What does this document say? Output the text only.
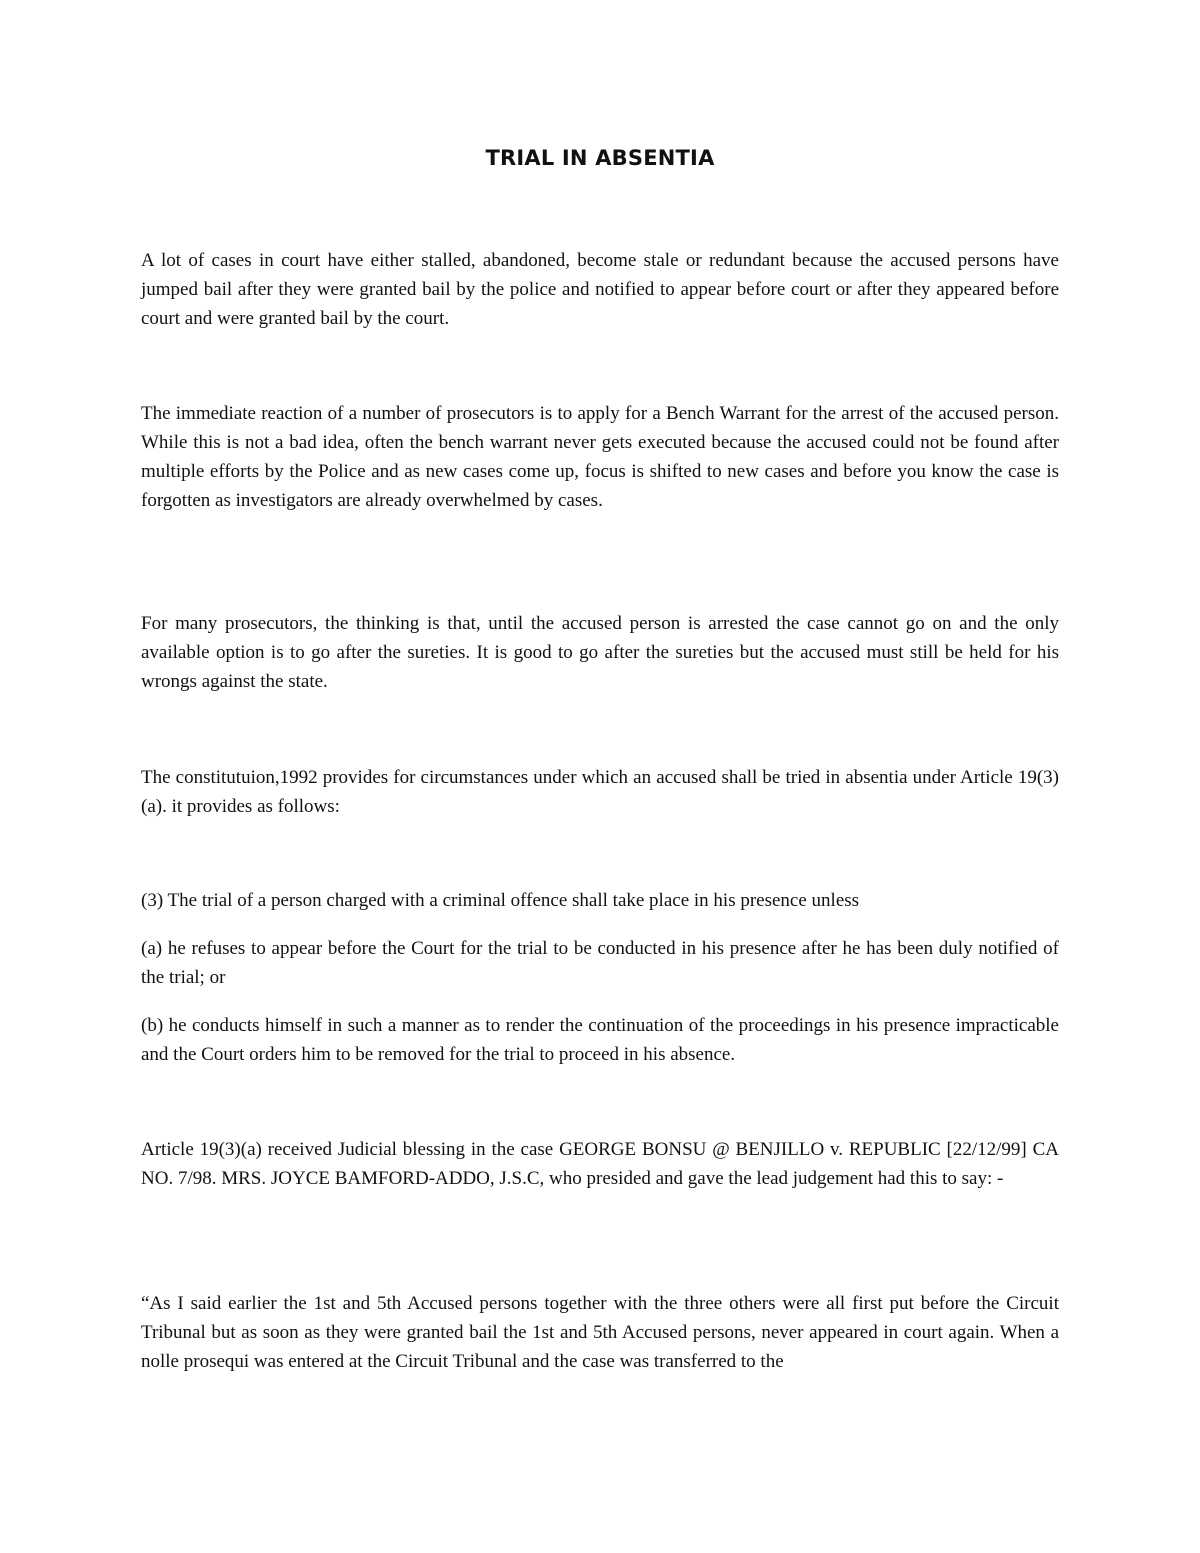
TRIAL IN ABSENTIA

A lot of cases in court have either stalled, abandoned, become stale or redundant because the accused persons have jumped bail after they were granted bail by the police and notified to appear before court or after they appeared before court and were granted bail by the court.

The immediate reaction of a number of prosecutors is to apply for a Bench Warrant for the arrest of the accused person. While this is not a bad idea, often the bench warrant never gets executed because the accused could not be found after multiple efforts by the Police and as new cases come up, focus is shifted to new cases and before you know the case is forgotten as investigators are already overwhelmed by cases.

For many prosecutors, the thinking is that, until the accused person is arrested the case cannot go on and the only available option is to go after the sureties. It is good to go after the sureties but the accused must still be held for his wrongs against the state.

The constitutuion,1992 provides for circumstances under which an accused shall be tried in absentia under Article 19(3)(a). it provides as follows:

(3) The trial of a person charged with a criminal offence shall take place in his presence unless

(a) he refuses to appear before the Court for the trial to be conducted in his presence after he has been duly notified of the trial; or

(b) he conducts himself in such a manner as to render the continuation of the proceedings in his presence impracticable and the Court orders him to be removed for the trial to proceed in his absence.

Article 19(3)(a) received Judicial blessing in the case GEORGE BONSU @ BENJILLO v. REPUBLIC [22/12/99] CA NO. 7/98. MRS. JOYCE BAMFORD-ADDO, J.S.C, who presided and gave the lead judgement had this to say: -

“As I said earlier the 1st and 5th Accused persons together with the three others were all first put before the Circuit Tribunal but as soon as they were granted bail the 1st and 5th Accused persons, never appeared in court again. When a nolle prosequi was entered at the Circuit Tribunal and the case was transferred to the
